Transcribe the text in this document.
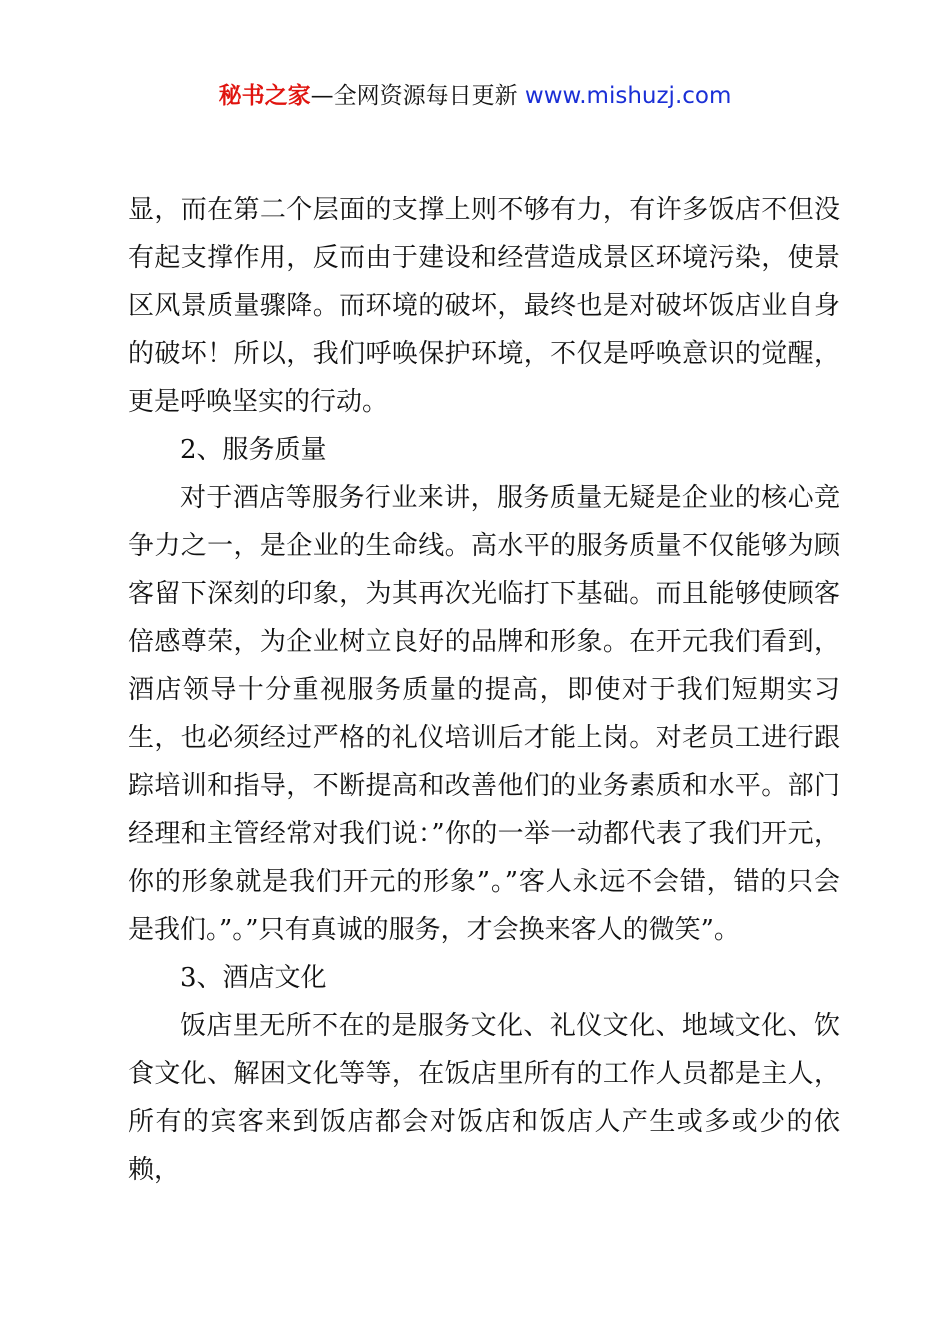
秘书之家—全网资源每日更新 www.mishuzj.com

显，而在第二个层面的支撑上则不够有力，有许多饭店不但没有起支撑作用，反而由于建设和经营造成景区环境污染，使景区风景质量骤降。而环境的破坏，最终也是对破坏饭店业自身的破坏！所以，我们呼唤保护环境，不仅是呼唤意识的觉醒，更是呼唤坚实的行动。

2、服务质量

对于酒店等服务行业来讲，服务质量无疑是企业的核心竞争力之一，是企业的生命线。高水平的服务质量不仅能够为顾客留下深刻的印象，为其再次光临打下基础。而且能够使顾客倍感尊荣，为企业树立良好的品牌和形象。在开元我们看到，酒店领导十分重视服务质量的提高，即使对于我们短期实习生，也必须经过严格的礼仪培训后才能上岗。对老员工进行跟踪培训和指导，不断提高和改善他们的业务素质和水平。部门经理和主管经常对我们说：”你的一举一动都代表了我们开元，你的形象就是我们开元的形象”。”客人永远不会错，错的只会是我们。”。”只有真诚的服务，才会换来客人的微笑”。

3、酒店文化

饭店里无所不在的是服务文化、礼仪文化、地域文化、饮食文化、解困文化等等，在饭店里所有的工作人员都是主人，所有的宾客来到饭店都会对饭店和饭店人产生或多或少的依赖，
